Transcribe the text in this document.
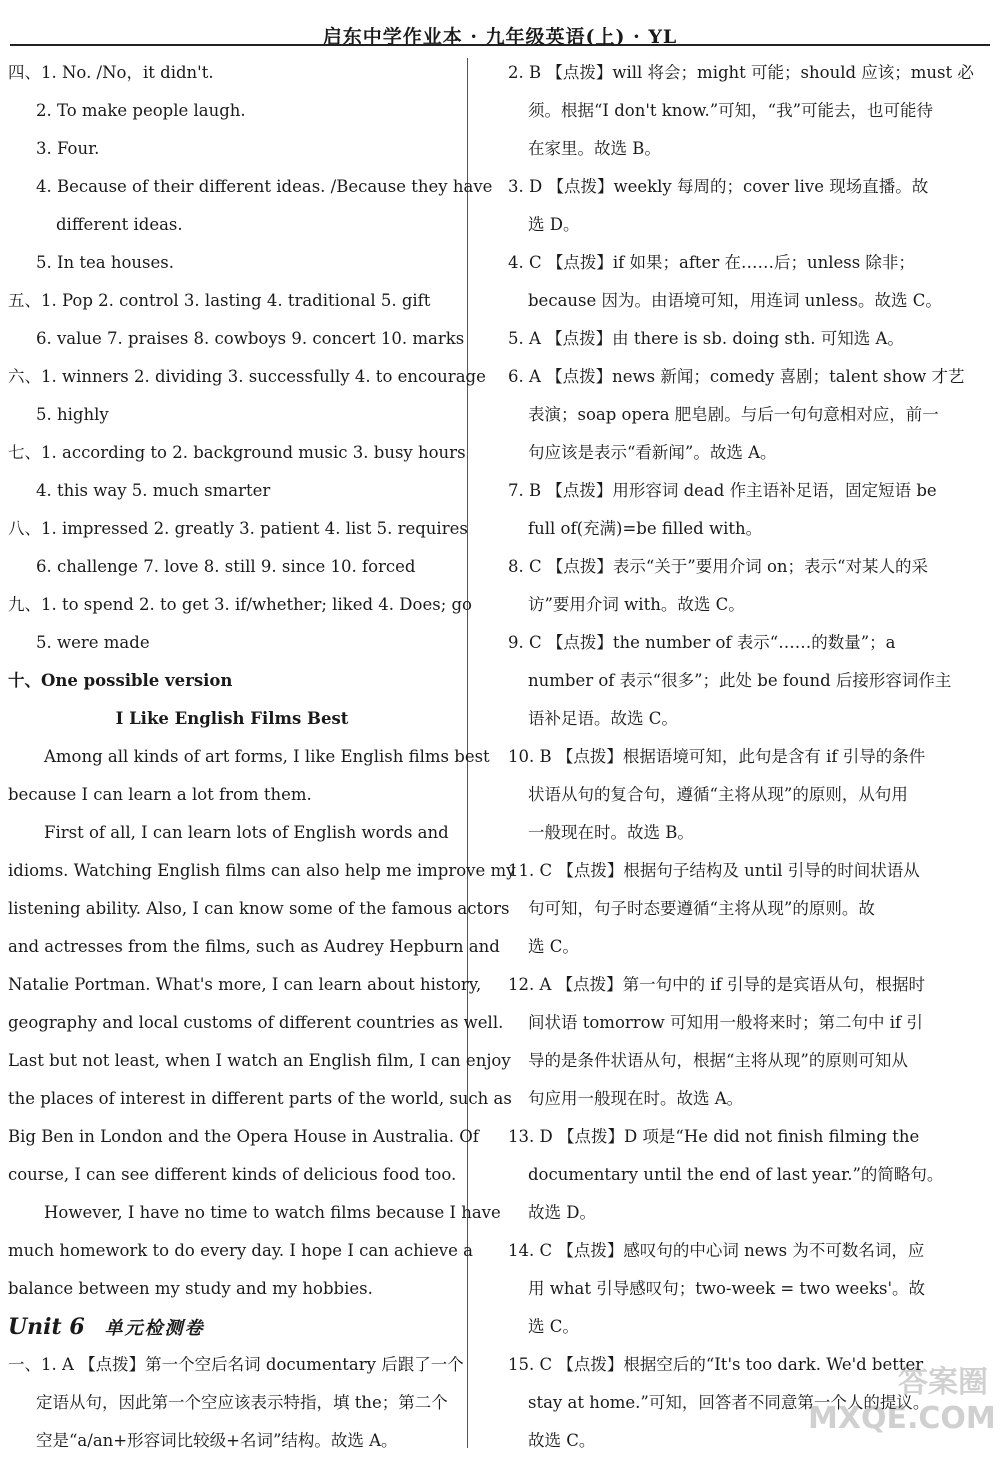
启东中学作业本 · 九年级英语(上) · YL
四、1. No. /No，it didn't.
2. To make people laugh.
3. Four.
4. Because of their different ideas. /Because they have
different ideas.
5. In tea houses.
五、1. Pop 2. control 3. lasting 4. traditional 5. gift
6. value 7. praises 8. cowboys 9. concert 10. marks
六、1. winners 2. dividing 3. successfully 4. to encourage
5. highly
七、1. according to 2. background music 3. busy hours
4. this way 5. much smarter
八、1. impressed 2. greatly 3. patient 4. list 5. requires
6. challenge 7. love 8. still 9. since 10. forced
九、1. to spend 2. to get 3. if/whether; liked 4. Does; go
5. were made
十、One possible version
I Like English Films Best
Among all kinds of art forms, I like English films best
because I can learn a lot from them.
First of all, I can learn lots of English words and
idioms. Watching English films can also help me improve my
listening ability. Also, I can know some of the famous actors
and actresses from the films, such as Audrey Hepburn and
Natalie Portman. What's more, I can learn about history,
geography and local customs of different countries as well.
Last but not least, when I watch an English film, I can enjoy
the places of interest in different parts of the world, such as
Big Ben in London and the Opera House in Australia. Of
course, I can see different kinds of delicious food too.
However, I have no time to watch films because I have
much homework to do every day. I hope I can achieve a
balance between my study and my hobbies.
Unit 6 单元检测卷
一、1. A 【点拨】第一个空后名词 documentary 后跟了一个
定语从句，因此第一个空应该表示特指，填 the；第二个
空是“a/an+形容词比较级+名词”结构。故选 A。
2. B 【点拨】will 将会；might 可能；should 应该；must 必
须。根据“I don't know.”可知，“我”可能去，也可能待
在家里。故选 B。
3. D 【点拨】weekly 每周的；cover live 现场直播。故
选 D。
4. C 【点拨】if 如果；after 在……后；unless 除非；
because 因为。由语境可知，用连词 unless。故选 C。
5. A 【点拨】由 there is sb. doing sth. 可知选 A。
6. A 【点拨】news 新闻；comedy 喜剧；talent show 才艺
表演；soap opera 肥皂剧。与后一句句意相对应，前一
句应该是表示“看新闻”。故选 A。
7. B 【点拨】用形容词 dead 作主语补足语，固定短语 be
full of(充满)=be filled with。
8. C 【点拨】表示“关于”要用介词 on；表示“对某人的采
访”要用介词 with。故选 C。
9. C 【点拨】the number of 表示“……的数量”；a
number of 表示“很多”；此处 be found 后接形容词作主
语补足语。故选 C。
10. B 【点拨】根据语境可知，此句是含有 if 引导的条件
状语从句的复合句，遵循“主将从现”的原则，从句用
一般现在时。故选 B。
11. C 【点拨】根据句子结构及 until 引导的时间状语从
句可知，句子时态要遵循“主将从现”的原则。故
选 C。
12. A 【点拨】第一句中的 if 引导的是宾语从句，根据时
间状语 tomorrow 可知用一般将来时；第二句中 if 引
导的是条件状语从句，根据“主将从现”的原则可知从
句应用一般现在时。故选 A。
13. D 【点拨】D 项是“He did not finish filming the
documentary until the end of last year.”的简略句。
故选 D。
14. C 【点拨】感叹句的中心词 news 为不可数名词，应
用 what 引导感叹句；two-week = two weeks'。故
选 C。
15. C 【点拨】根据空后的“It's too dark. We'd better
stay at home.”可知，回答者不同意第一个人的提议。
故选 C。
答案圈
MXQE.COM
